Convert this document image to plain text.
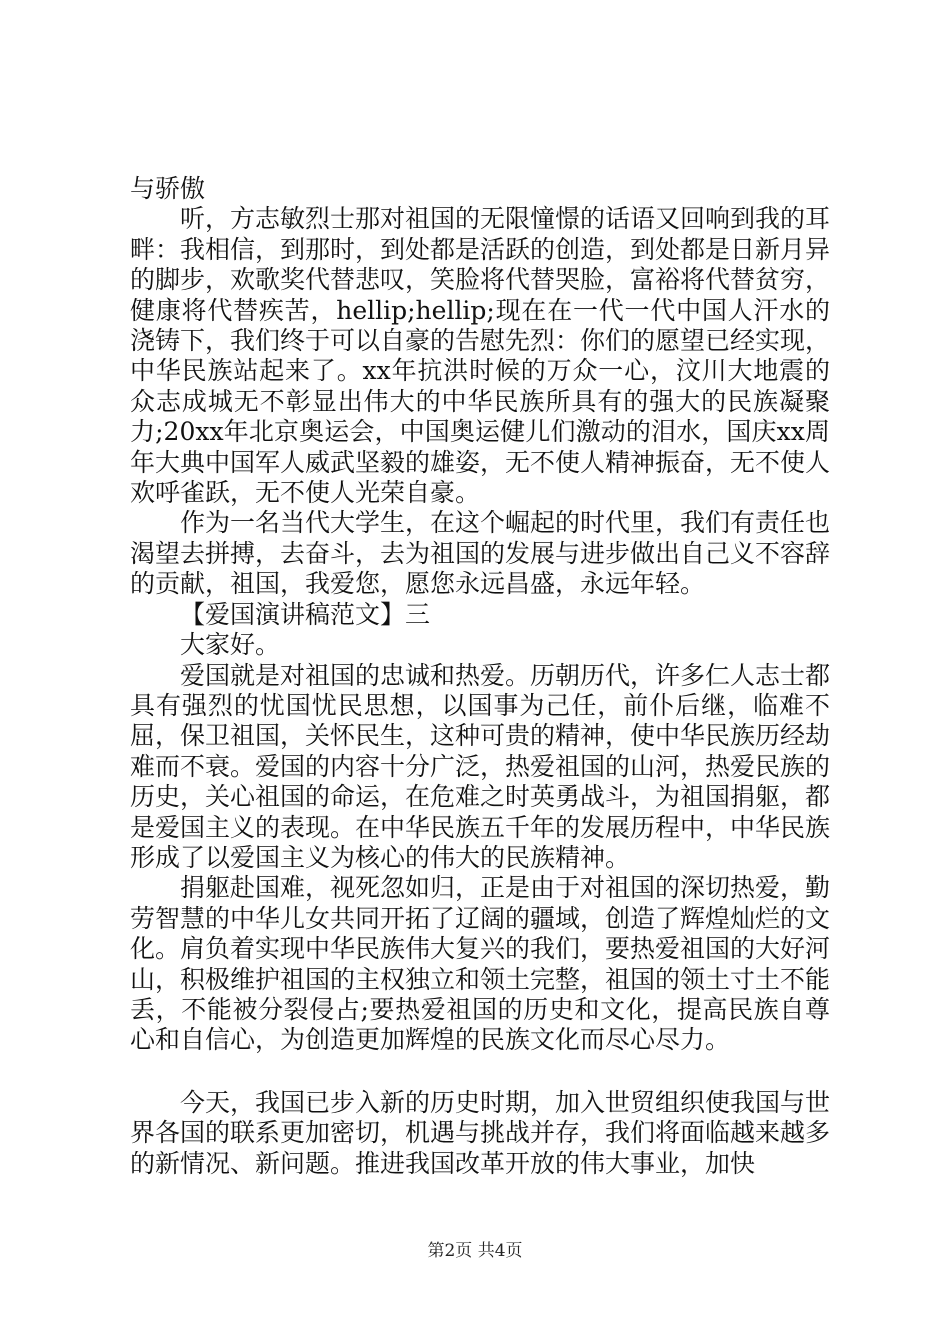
与骄傲

听，方志敏烈士那对祖国的无限憧憬的话语又回响到我的耳畔：我相信，到那时，到处都是活跃的创造，到处都是日新月异的脚步，欢歌奖代替悲叹，笑脸将代替哭脸，富裕将代替贫穷，健康将代替疾苦，hellip;hellip;现在在一代一代中国人汗水的浇铸下，我们终于可以自豪的告慰先烈：你们的愿望已经实现，中华民族站起来了。xx年抗洪时候的万众一心，汶川大地震的众志成城无不彰显出伟大的中华民族所具有的强大的民族凝聚力;20xx年北京奥运会，中国奥运健儿们激动的泪水，国庆xx周年大典中国军人威武坚毅的雄姿，无不使人精神振奋，无不使人欢呼雀跃，无不使人光荣自豪。

作为一名当代大学生，在这个崛起的时代里，我们有责任也渴望去拼搏，去奋斗，去为祖国的发展与进步做出自己义不容辞的贡献，祖国，我爱您，愿您永远昌盛，永远年轻。

【爱国演讲稿范文】三

大家好。

爱国就是对祖国的忠诚和热爱。历朝历代，许多仁人志士都具有强烈的忧国忧民思想，以国事为己任，前仆后继，临难不屈，保卫祖国，关怀民生，这种可贵的精神，使中华民族历经劫难而不衰。爱国的内容十分广泛，热爱祖国的山河，热爱民族的历史，关心祖国的命运，在危难之时英勇战斗，为祖国捐躯，都是爱国主义的表现。在中华民族五千年的发展历程中，中华民族形成了以爱国主义为核心的伟大的民族精神。

捐躯赴国难，视死忽如归，正是由于对祖国的深切热爱，勤劳智慧的中华儿女共同开拓了辽阔的疆域，创造了辉煌灿烂的文化。肩负着实现中华民族伟大复兴的我们，要热爱祖国的大好河山，积极维护祖国的主权独立和领土完整，祖国的领土寸土不能丢，不能被分裂侵占;要热爱祖国的历史和文化，提高民族自尊心和自信心，为创造更加辉煌的民族文化而尽心尽力。

今天，我国已步入新的历史时期，加入世贸组织使我国与世界各国的联系更加密切，机遇与挑战并存，我们将面临越来越多的新情况、新问题。推进我国改革开放的伟大事业，加快

第2页 共4页
